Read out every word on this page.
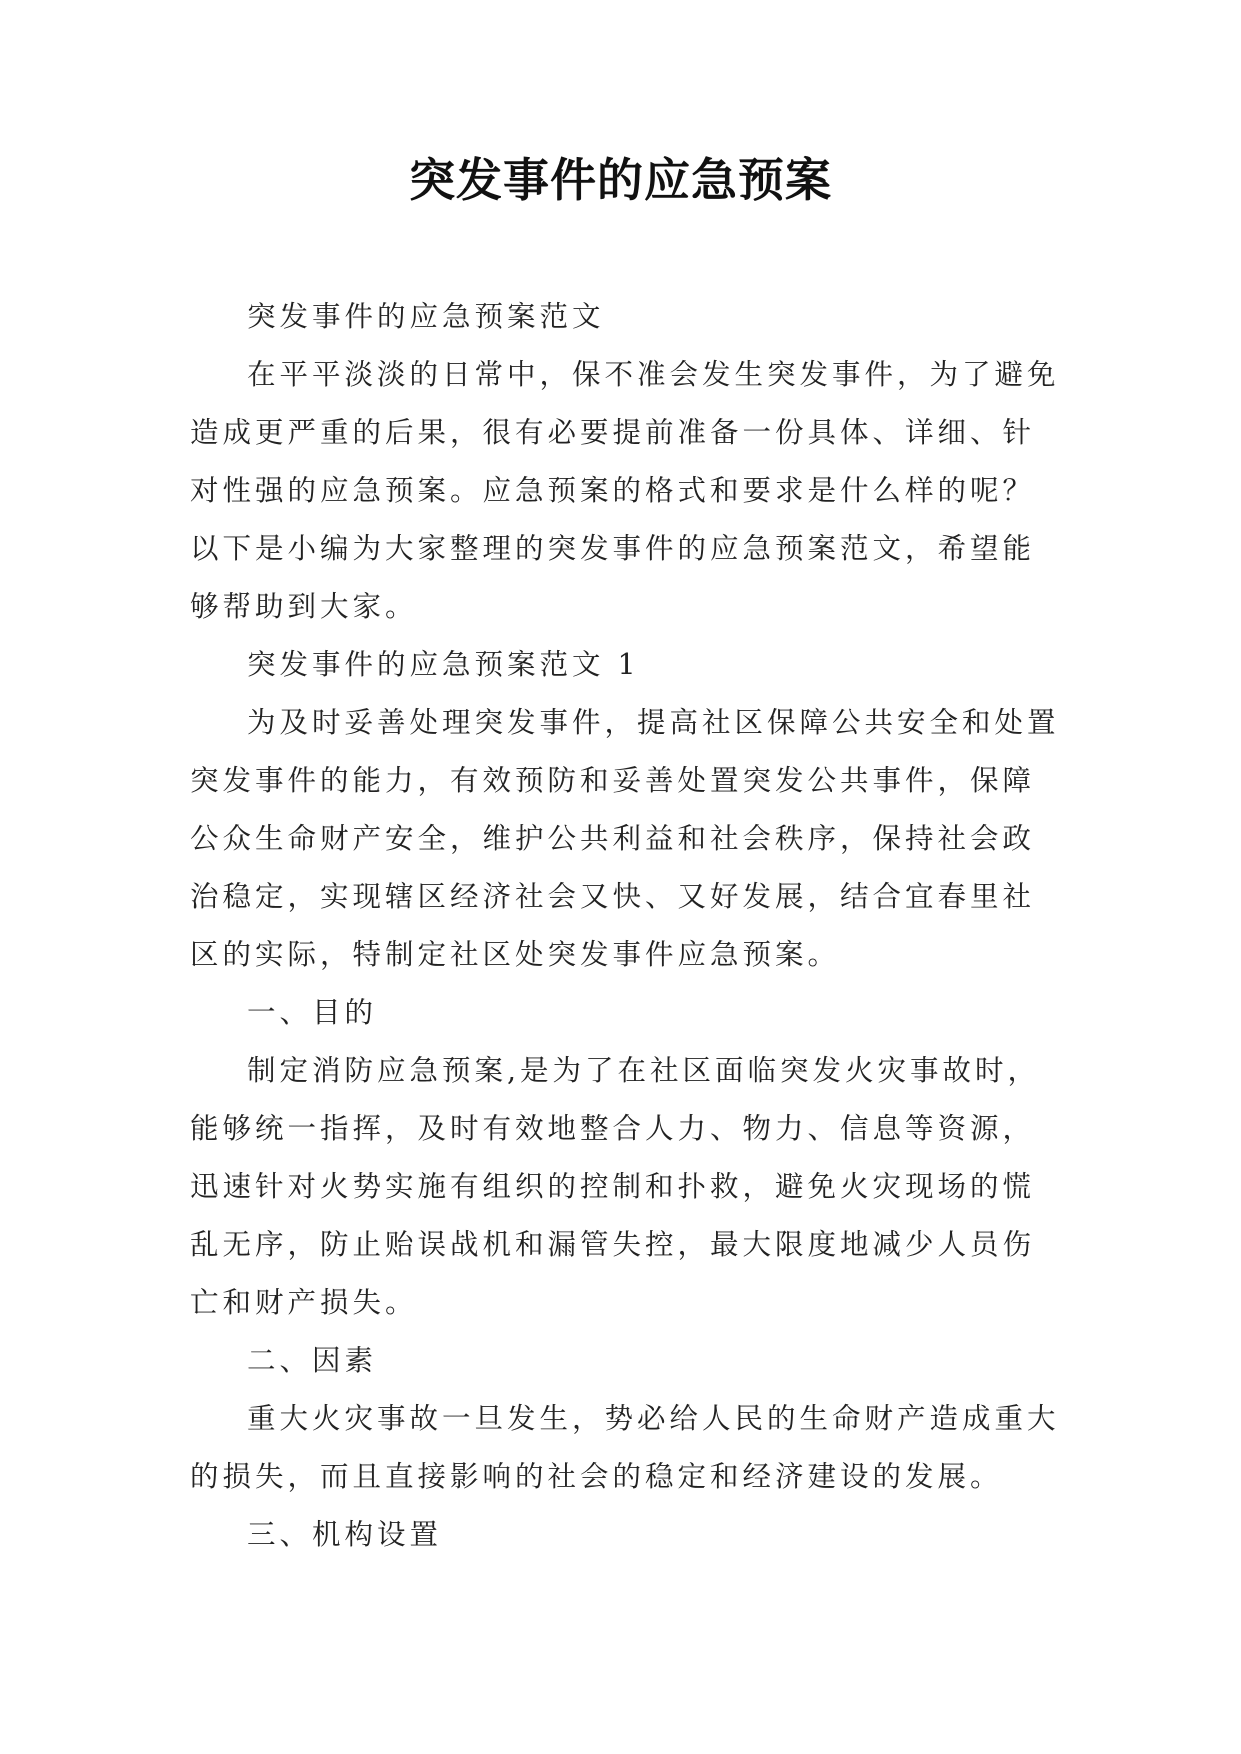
突发事件的应急预案

突发事件的应急预案范文

在平平淡淡的日常中，保不准会发生突发事件，为了避免造成更严重的后果，很有必要提前准备一份具体、详细、针对性强的应急预案。应急预案的格式和要求是什么样的呢？以下是小编为大家整理的突发事件的应急预案范文，希望能够帮助到大家。

突发事件的应急预案范文 1

为及时妥善处理突发事件，提高社区保障公共安全和处置突发事件的能力，有效预防和妥善处置突发公共事件，保障公众生命财产安全，维护公共利益和社会秩序，保持社会政治稳定，实现辖区经济社会又快、又好发展，结合宜春里社区的实际，特制定社区处突发事件应急预案。

一、目的

制定消防应急预案,是为了在社区面临突发火灾事故时，能够统一指挥，及时有效地整合人力、物力、信息等资源，迅速针对火势实施有组织的控制和扑救，避免火灾现场的慌乱无序，防止贻误战机和漏管失控，最大限度地减少人员伤亡和财产损失。

二、因素

重大火灾事故一旦发生，势必给人民的生命财产造成重大的损失，而且直接影响的社会的稳定和经济建设的发展。

三、机构设置
